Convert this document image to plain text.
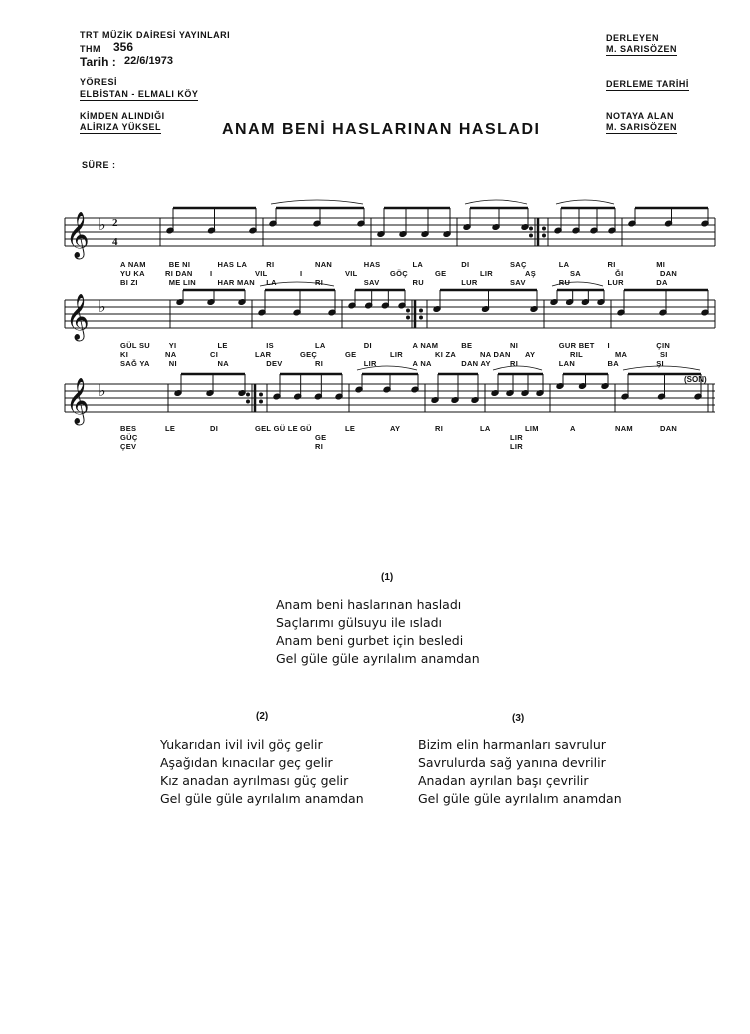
TRT MÜZİK DAİRESİ YAYINLARI
THM 356
Tarih : 22/6/1973
YÖRESİ
ELBİSTAN - ELMALI KÖY
KİMDEN ALINDIĞI
ALİRIZA YÜKSEL
SÜRE :
DERLEYEN
M. SARISÖZEN
DERLEME TARİHİ
NOTAYA ALAN
M. SARISÖZEN
ANAM BENİ HASLARINAN HASLADI
𝄞 ♭
𝄞 ♭
𝄞 ♭
2
4
(SON)
A NAM	BE NI	HAS LA	RI	NAN	HAS	LA	DI	SAÇ	LA	RI	MI
YU KA	RI DAN I	VIL	I	VIL	GÖÇ	GE	LIR	AŞ	SA	ĞI	DAN
BI ZI	ME LIN	HAR MAN LA	RI	SAV	RU	LUR	SAV	RU	LUR	DA
GÜL SU	YI	LE	IS	LA	DI	A NAM	BE	NI	GUR BET I	ÇIN
KI	NA	CI	LAR	GEÇ	GE	LIR	KI ZA	NA DAN AY	RIL	MA	SI
SAĞ YA	NI	NA	DEV	RI	LIR	A NA	DAN AY	RI	LAN	BA	ŞI
BES	LE	DI	GEL GÜ LE GÜ	LE	AY	RI	LA	LIM	A	NAM	DAN
GÜÇ	GE	LIR
ÇEV	RI	LIR
(1)
Anam beni haslarınan hasladı
Saçlarımı gülsuyu ile ısladı
Anam beni gurbet için besledi
Gel güle güle ayrılalım anamdan
(2)
Yukarıdan ivil ivil göç gelir
Aşağıdan kınacılar geç gelir
Kız anadan ayrılması güç gelir
Gel güle güle ayrılalım anamdan
(3)
Bizim elin harmanları savrulur
Savrulurda sağ yanına devrilir
Anadan ayrılan başı çevrilir
Gel güle güle ayrılalım anamdan
